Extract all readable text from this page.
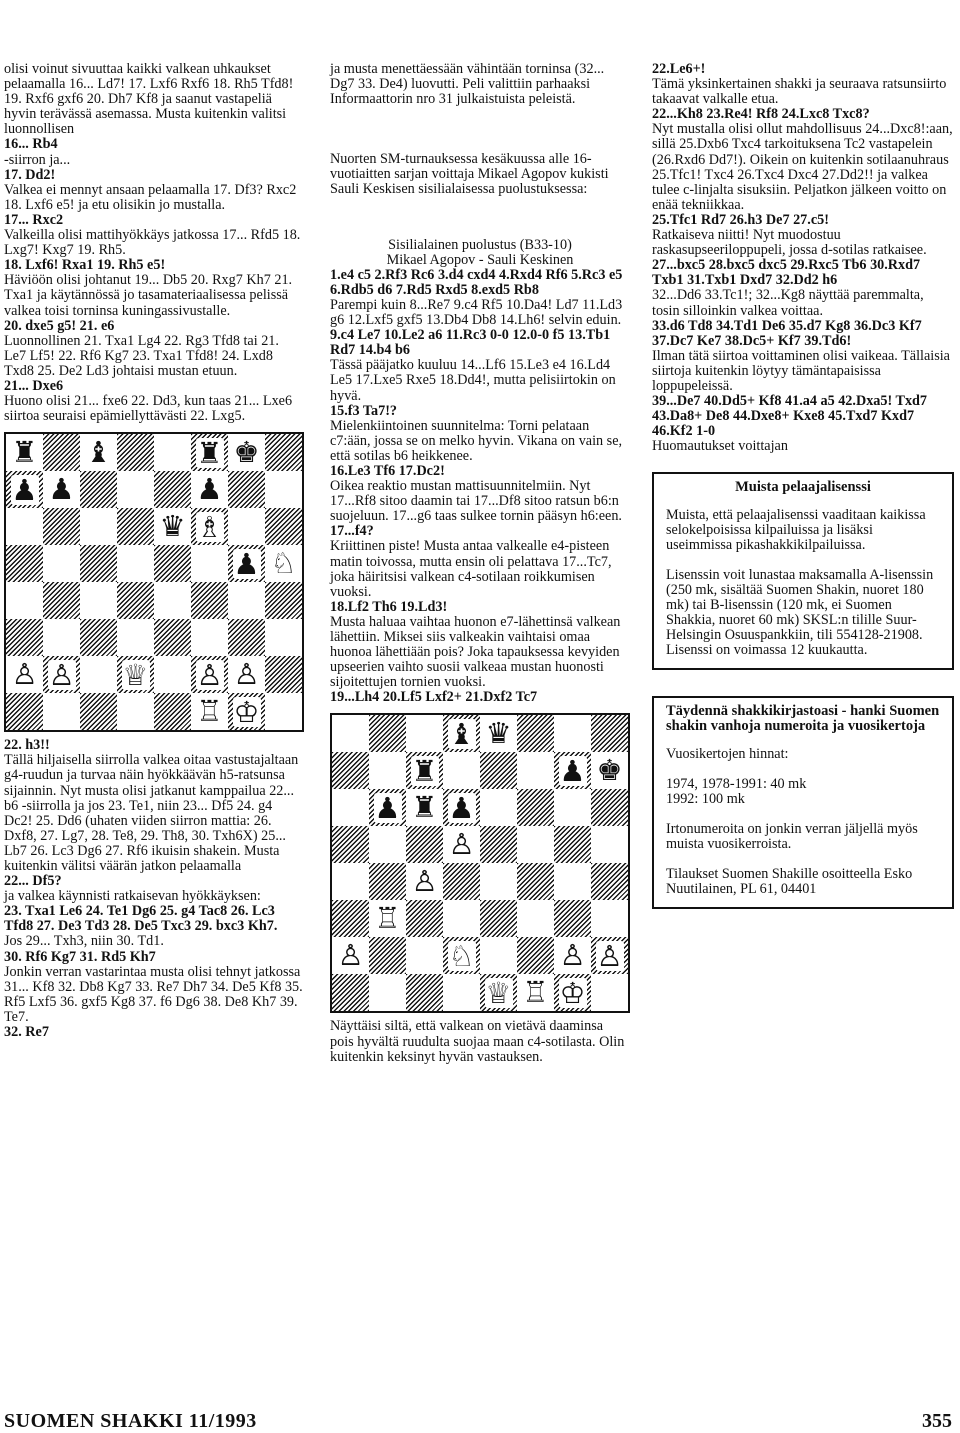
olisi voinut sivuuttaa kaikki valkean uhkaukset pelaamalla 16... Ld7! 17. Lxf6 Rxf6 18. Rh5 Tfd8! 19. Rxf6 gxf6 20. Dh7 Kf8 ja saanut vastapeliä hyvin terävässä asemassa. Musta kuitenkin valitsi luonnollisen

16... Rb4

-siirron ja...

17. Dd2!

Valkea ei mennyt ansaan pelaamalla 17. Df3? Rxc2 18. Lxf6 e5! ja etu olisikin jo mustalla.

17... Rxc2

Valkeilla olisi mattihyökkäys jatkossa 17... Rfd5 18. Lxg7! Kxg7 19. Rh5.

18. Lxf6! Rxa1 19. Rh5 e5!

Häviöön olisi johtanut 19... Db5 20. Rxg7 Kh7 21. Txa1 ja käytännössä jo tasamateriaalisessa pelissä valkea toisi torninsa kuningassivustalle.

20. dxe5 g5! 21. e6

Luonnollinen 21. Txa1 Lg4 22. Rg3 Tfd8 tai 21. Le7 Lf5! 22. Rf6 Kg7 23. Txa1 Tfd8! 24. Lxd8 Txd8 25. De2 Ld3 johtaisi mustan etuun.

21... Dxe6

Huono olisi 21... fxe6 22. Dd3, kun taas 21... Lxe6 siirtoa seuraisi epämiellyttävästi 22. Lxg5.

♜ ♝	♜ ♚
♟ ♟	♟
♛ ♗
♟ ♘
♙ ♙ ♕ ♙ ♙
♖ ♔

22. h3!!

Tällä hiljaisella siirrolla valkea oitaa vastustajaltaan g4-ruudun ja turvaa näin hyökkäävän h5-ratsunsa sijainnin. Nyt musta olisi jatkanut kamppailua 22... b6 -siirrolla ja jos 23. Te1, niin 23... Df5 24. g4 Dc2! 25. Dd6 (uhaten viiden siirron mattia: 26. Dxf8, 27. Lg7, 28. Te8, 29. Th8, 30. Txh6X) 25... Lb7 26. Lc3 Dg6 27. Rf6 ikuisin shakein. Musta kuitenkin välitsi väärän jatkon pelaamalla

22... Df5?

ja valkea käynnisti ratkaisevan hyökkäyksen:

23. Txa1 Le6 24. Te1 Dg6 25. g4 Tac8 26. Lc3 Tfd8 27. De3 Td3 28. De5 Txc3 29. bxc3 Kh7.

Jos 29... Txh3, niin 30. Td1.

30. Rf6 Kg7 31. Rd5 Kh7

Jonkin verran vastarintaa musta olisi tehnyt jatkossa 31... Kf8 32. Db8 Kg7 33. Re7 Dh7 34. De5 Kf8 35. Rf5 Lxf5 36. gxf5 Kg8 37. f6 Dg6 38. De8 Kh7 39. Te7.

32. Re7

ja musta menettäessään vähintään torninsa (32... Dg7 33. De4) luovutti. Peli valittiin parhaaksi Informaattorin nro 31 julkaistuista peleistä.

Nuorten SM-turnauksessa kesäkuussa alle 16-vuotiaitten sarjan voittaja Mikael Agopov kukisti Sauli Keskisen sisilialaisessa puolustuksessa:

Sisilialainen puolustus (B33-10)

Mikael Agopov - Sauli Keskinen

1.e4 c5 2.Rf3 Rc6 3.d4 cxd4 4.Rxd4 Rf6 5.Rc3 e5 6.Rdb5 d6 7.Rd5 Rxd5 8.exd5 Rb8

Parempi kuin 8...Re7 9.c4 Rf5 10.Da4! Ld7 11.Ld3 g6 12.Lxf5 gxf5 13.Db4 Db8 14.Lh6! selvin eduin.

9.c4 Le7 10.Le2 a6 11.Rc3 0-0 12.0-0 f5 13.Tb1 Rd7 14.b4 b6

Tässä pääjatko kuuluu 14...Lf6 15.Le3 e4 16.Ld4 Le5 17.Lxe5 Rxe5 18.Dd4!, mutta pelisiirtokin on hyvä.

15.f3 Ta7!?

Mielenkiintoinen suunnitelma: Torni pelataan c7:ään, jossa se on melko hyvin. Vikana on vain se, että sotilas b6 heikkenee.

16.Le3 Tf6 17.Dc2!

Oikea reaktio mustan mattisuunnitelmiin. Nyt 17...Rf8 sitoo daamin tai 17...Df8 sitoo ratsun b6:n suojeluun. 17...g6 taas sulkee tornin pääsyn h6:een.

17...f4?

Kriittinen piste! Musta antaa valkealle e4-pisteen matin toivossa, mutta ensin oli pelattava 17...Tc7, joka häiritsisi valkean c4-sotilaan roikkumisen vuoksi.

18.Lf2 Th6 19.Ld3!

Musta haluaa vaihtaa huonon e7-lähettinsä valkean lähettiin. Miksei siis valkeakin vaihtaisi omaa huonoa lähettiään pois? Joka tapauksessa kevyiden upseerien vaihto suosii valkeaa mustan huonosti sijoitettujen tornien vuoksi.

19...Lh4 20.Lf5 Lxf2+ 21.Dxf2 Tc7

♝ ♛
♜	♟ ♚
♟ ♜ ♟
♙
♙
♖
♙	♘	♙ ♙
♕ ♖ ♔

Näyttäisi siltä, että valkean on vietävä daaminsa pois hyvältä ruudulta suojaa maan c4-sotilasta. Olin kuitenkin keksinyt hyvän vastauksen.

22.Le6+!

Tämä yksinkertainen shakki ja seuraava ratsunsiirto takaavat valkalle etua.

22...Kh8 23.Re4! Rf8 24.Lxc8 Txc8?

Nyt mustalla olisi ollut mahdollisuus 24...Dxc8!:aan, sillä 25.Dxb6 Txc4 tarkoituksena Tc2 vastapelein (26.Rxd6 Dd7!). Oikein on kuitenkin sotilaanuhraus 25.Tfc1! Txc4 26.Txc4 Dxc4 27.Dd2!! ja valkea tulee c-linjalta sisuksiin. Peljatkon jälkeen voitto on enää tekniikkaa.

25.Tfc1 Rd7 26.h3 De7 27.c5!

Ratkaiseva niitti! Nyt muodostuu raskasupseeriloppupeli, jossa d-sotilas ratkaisee.

27...bxc5 28.bxc5 dxc5 29.Rxc5 Tb6 30.Rxd7 Txb1 31.Txb1 Dxd7 32.Dd2 h6

32...Dd6 33.Tc1!; 32...Kg8 näyttää paremmalta, tosin silloinkin valkea voittaa.

33.d6 Td8 34.Td1 De6 35.d7 Kg8 36.Dc3 Kf7 37.Dc7 Ke7 38.Dc5+ Kf7 39.Td6!

Ilman tätä siirtoa voittaminen olisi vaikeaa. Tällaisia siirtoja kuitenkin löytyy tämäntapaisissa loppupeleissä.

39...De7 40.Dd5+ Kf8 41.a4 a5 42.Dxa5! Txd7 43.Da8+ De8 44.Dxe8+ Kxe8 45.Txd7 Kxd7 46.Kf2 1-0

Huomautukset voittajan

Muista pelaajalisenssi

Muista, että pelaajalisenssi vaaditaan kaikissa selokelpoisissa kilpailuissa ja lisäksi useimmissa pikashakkikilpailuissa.

Lisenssin voit lunastaa maksamalla A-lisenssin (250 mk, sisältää Suomen Shakin, nuoret 180 mk) tai B-lisenssin (120 mk, ei Suomen Shakkia, nuoret 60 mk) SKSL:n tilille Suur-Helsingin Osuuspankkiin, tili 554128-21908. Lisenssi on voimassa 12 kuukautta.

Täydennä shakkikirjastoasi - hanki Suomen shakin vanhoja numeroita ja vuosikertoja

Vuosikertojen hinnat:

1974, 1978-1991: 40 mk

1992: 100 mk

Irtonumeroita on jonkin verran jäljellä myös muista vuosikerroista.

Tilaukset Suomen Shakille osoitteella Esko Nuutilainen, PL 61, 04401

SUOMEN SHAKKI 11/1993	355
